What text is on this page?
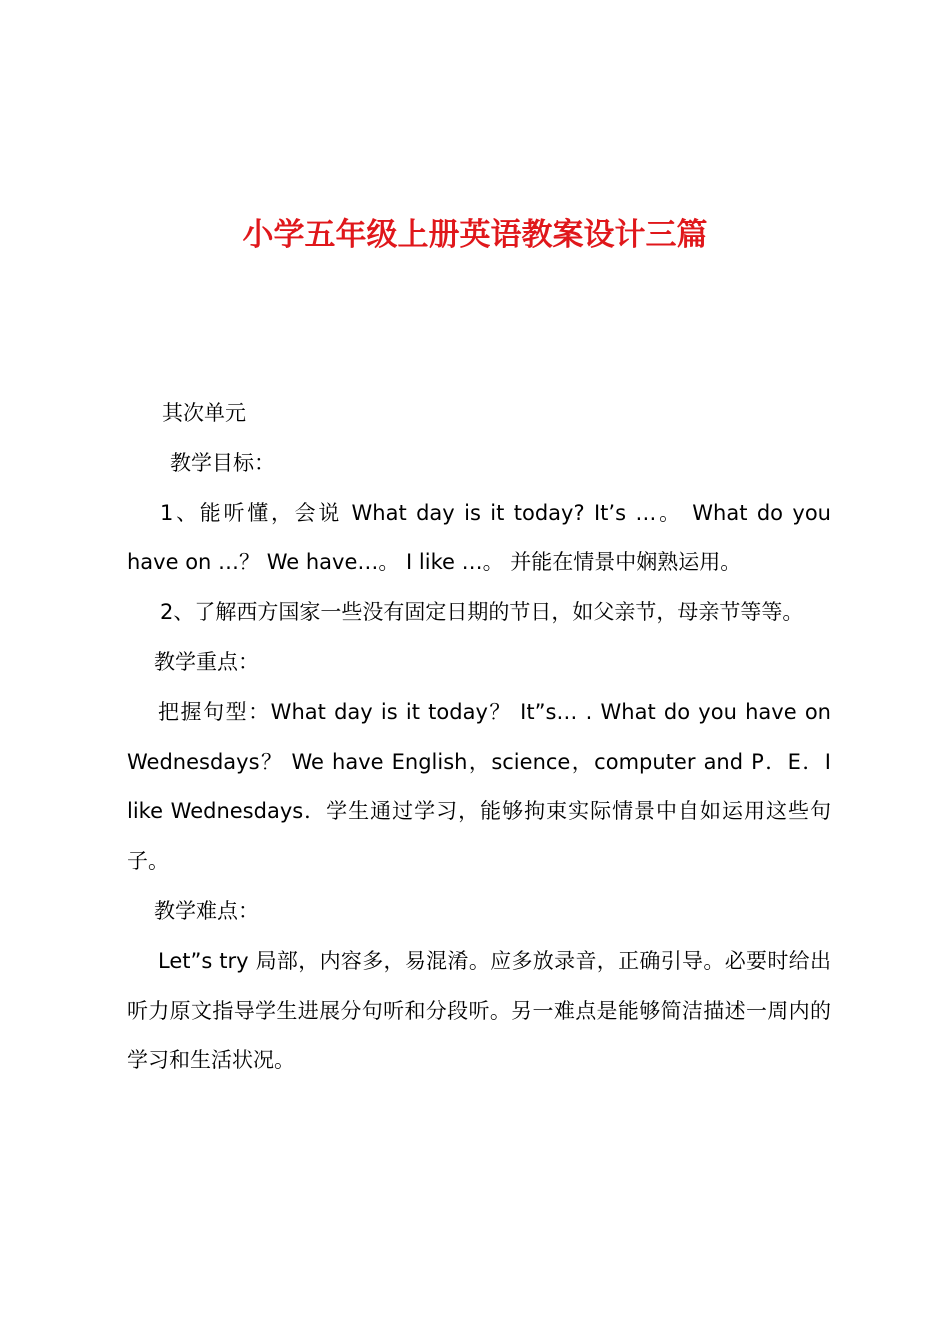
小学五年级上册英语教案设计三篇

其次单元

教学目标：

1、能听懂，会说 What day is it today? It’s …。 What do you have on …？ We have…。 I like …。 并能在情景中娴熟运用。

2、了解西方国家一些没有固定日期的节日，如父亲节，母亲节等等。

教学重点：

把握句型：What day is it today？ It”s… . What do you have on Wednesdays？ We have English，science，computer and P．E．I like Wednesdays．学生通过学习，能够拘束实际情景中自如运用这些句子。

教学难点：

Let”s try 局部，内容多，易混淆。应多放录音，正确引导。必要时给出听力原文指导学生进展分句听和分段听。另一难点是能够简洁描述一周内的学习和生活状况。
